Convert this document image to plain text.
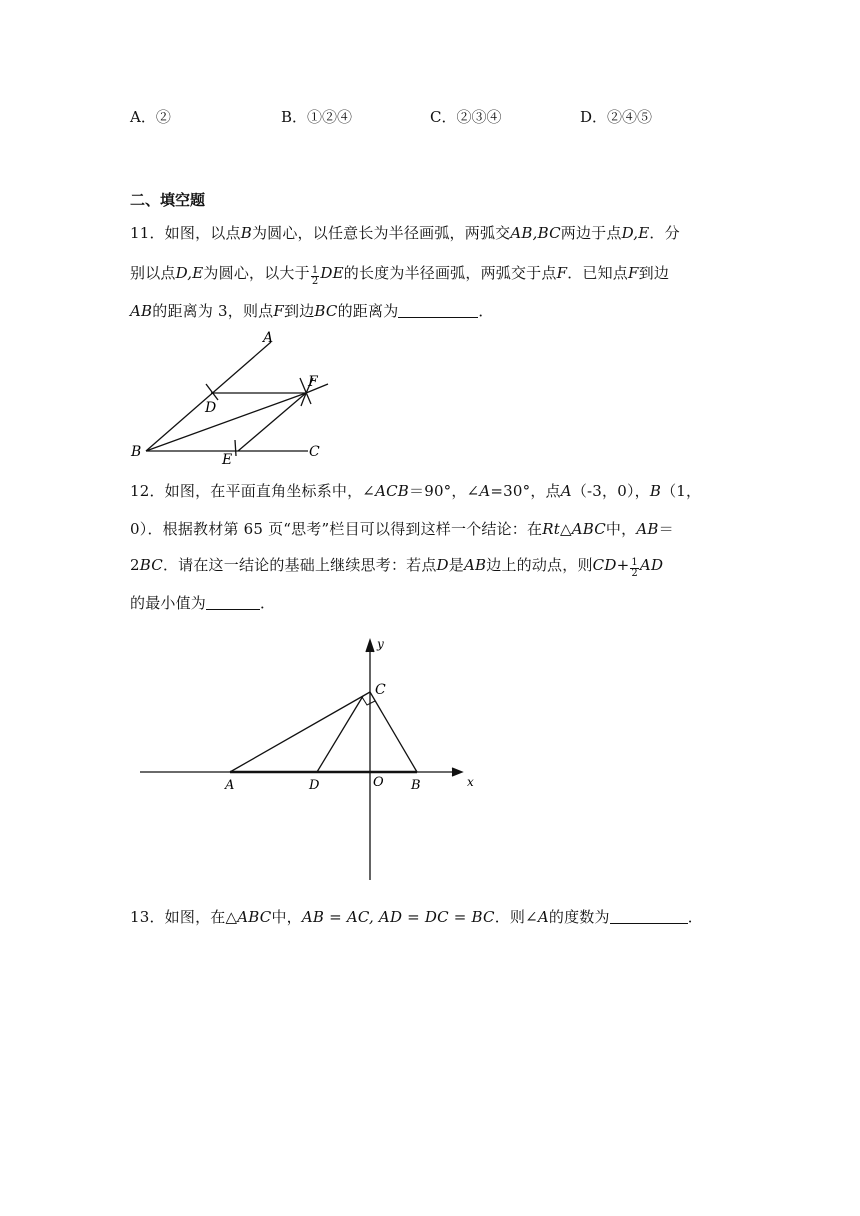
A．②	B．①②④	C．②③④	D．②④⑤
二、填空题
11．如图，以点B为圆心，以任意长为半径画弧，两弧交AB,BC两边于点D,E．分
别以点D,E为圆心，以大于 $\frac{1}{2}$ DE的长度为半径画弧，两弧交于点F．已知点F到边
AB的距离为 3，则点F到边BC的距离为	．
A
B	C
D
E
F
12．如图，在平面直角坐标系中，∠ACB＝90°，∠A=30°，点A（-3，0），B（1，
0）．根据教材第 65 页“思考”栏目可以得到这样一个结论：在Rt△ABC中，AB＝
2BC．请在这一结论的基础上继续思考：若点D是AB边上的动点，则$CD+ \frac{1}{2}$ AD
的最小值为	．
y
C
A	D	O B	x
13．如图，在△ABC中，AB = AC, AD = DC = BC．则∠A的度数为	．
